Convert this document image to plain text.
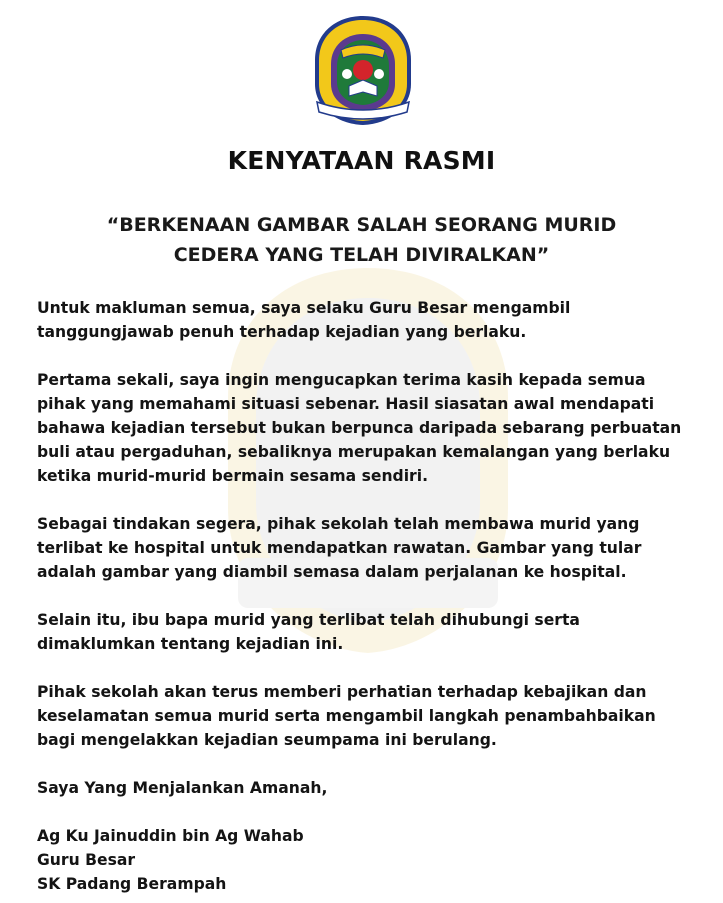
KENYATAAN RASMI
“BERKENAAN GAMBAR SALAH SEORANG MURID
CEDERA YANG TELAH DIVIRALKAN”

Untuk makluman semua, saya selaku Guru Besar mengambil tanggungjawab penuh terhadap kejadian yang berlaku.

Pertama sekali, saya ingin mengucapkan terima kasih kepada semua pihak yang memahami situasi sebenar. Hasil siasatan awal mendapati bahawa kejadian tersebut bukan berpunca daripada sebarang perbuatan buli atau pergaduhan, sebaliknya merupakan kemalangan yang berlaku ketika murid-murid bermain sesama sendiri.

Sebagai tindakan segera, pihak sekolah telah membawa murid yang terlibat ke hospital untuk mendapatkan rawatan. Gambar yang tular adalah gambar yang diambil semasa dalam perjalanan ke hospital.

Selain itu, ibu bapa murid yang terlibat telah dihubungi serta dimaklumkan tentang kejadian ini.

Pihak sekolah akan terus memberi perhatian terhadap kebajikan dan keselamatan semua murid serta mengambil langkah penambahbaikan bagi mengelakkan kejadian seumpama ini berulang.

Saya Yang Menjalankan Amanah,
Ag Ku Jainuddin bin Ag Wahab
Guru Besar
SK Padang Berampah
